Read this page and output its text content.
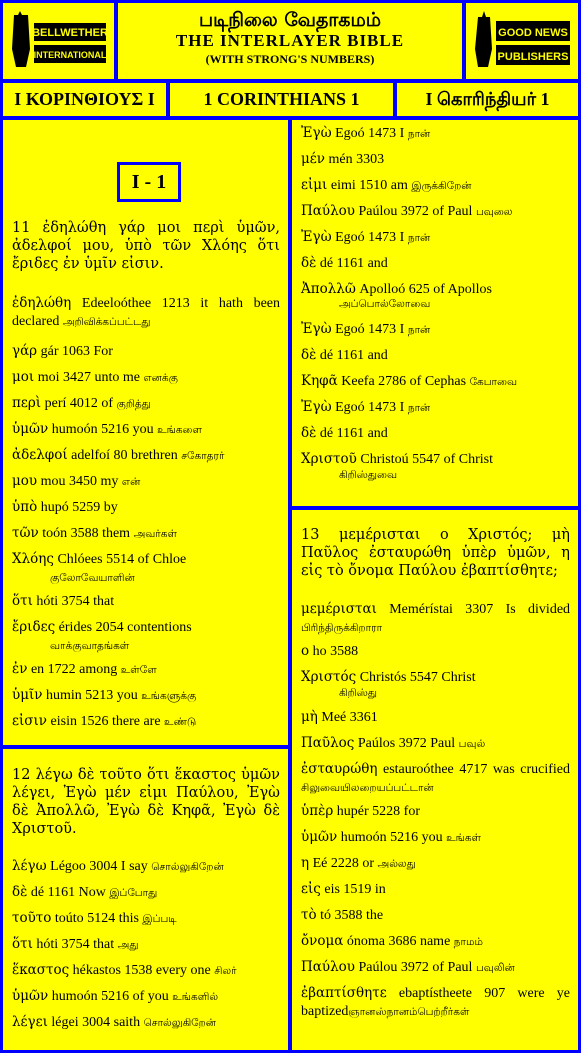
BELLWETHER
INTERNATIONAL
படிநிலை வேதாகமம்
THE INTERLAYER BIBLE
(WITH STRONG'S NUMBERS)
GOOD NEWS
PUBLISHERS
Ι ΚΟΡΙΝΘΙΟΥΣ Ι	1 CORINTHIANS 1	I கொரிந்தியர் 1
I - 1
11 ἐδηλώθη γάρ μοι περὶ ὑμῶν, ἀδελφοί μου, ὑπὸ τῶν Χλόης ὅτι ἔριδες ἐν ὑμῖν εἰσιν.
ἐδηλώθη Edeeloóthee 1213 it hath been declared அறிவிக்கப்பட்டது
γάρ gár 1063 For
μοι moi 3427 unto me எனக்கு
περὶ perí 4012 of குறித்து
ὑμῶν humoón 5216 you உங்களை
ἀδελφοί adelfoí 80 brethren சகோதரர்
μου mou 3450 my என்
ὑπὸ hupó 5259 by
τῶν toón 3588 them அவர்கள்
Χλόης Chlóees 5514 of Chloe
குலோவேயாளின்
ὅτι hóti 3754 that
ἔριδες érides 2054 contentions
வாக்குவாதங்கள்
ἐν en 1722 among உள்ளே
ὑμῖν humin 5213 you உங்களுக்கு
εἰσιν eisin 1526 there are உண்டு
12 λέγω δὲ τοῦτο ὅτι ἕκαστος ὑμῶν λέγει, Ἐγὼ μέν εἰμι Παύλου, Ἐγὼ δὲ Ἀπολλῶ, Ἐγὼ δὲ Κηφᾶ, Ἐγὼ δὲ Χριστοῦ.
λέγω Légoo 3004 I say சொல்லுகிறேன்
δὲ dé 1161 Now இப்போது
τοῦτο toúto 5124 this இப்படி
ὅτι hóti 3754 that அது
ἕκαστος hékastos 1538 every one சிலர்
ὑμῶν humoón 5216 of you உங்களில்
λέγει légei 3004 saith சொல்லுகிறேன்
Ἐγὼ Egoó 1473 I நான்
μέν mén 3303
εἰμι eimi 1510 am இருக்கிறேன்
Παύλου Paúlou 3972 of Paul பவுலை
Ἐγὼ Egoó 1473 I நான்
δὲ dé 1161 and
Ἀπολλῶ Apolloó 625 of Apollos
அப்பொல்லோவை
Ἐγὼ Egoó 1473 I நான்
δὲ dé 1161 and
Κηφᾶ Keefa 2786 of Cephas கேபாவை
Ἐγὼ Egoó 1473 I நான்
δὲ dé 1161 and
Χριστοῦ Christoú 5547 of Christ
கிறிஸ்துவை
13 μεμέρισται ο Χριστός; μὴ Παῦλος ἐσταυρώθη ὑπὲρ ὑμῶν, η εἰς τὸ ὄνομα Παύλου ἐβαπτίσθητε;
μεμέρισται Memérístai 3307 Is divided பிரிந்திருக்கிறாரா
ο ho 3588
Χριστός Christós 5547 Christ
கிறிஸ்து
μὴ Meé 3361
Παῦλος Paúlos 3972 Paul பவுல்
ἐσταυρώθη estauroóthee 4717 was crucified சிலுவையிலறையப்பட்டான்
ὑπὲρ hupér 5228 for
ὑμῶν humoón 5216 you உங்கள்
η Eé 2228 or அல்லது
εἰς eis 1519 in
τὸ tó 3588 the
ὄνομα ónoma 3686 name நாமம்
Παύλου Paúlou 3972 of Paul பவுலின்
ἐβαπτίσθητε ebaptístheete 907 were ye baptizedஞானஸ்நானம்பெற்றீர்கள்
